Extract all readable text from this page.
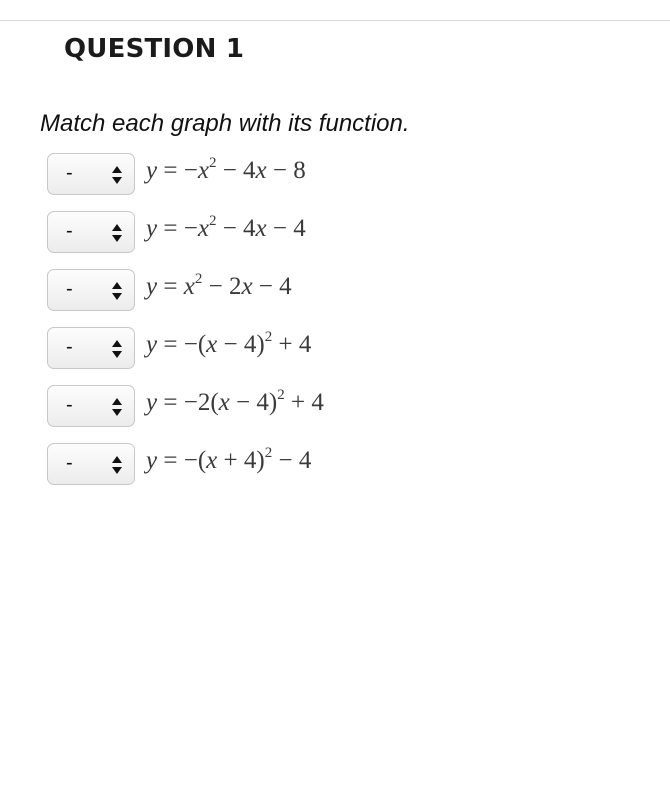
QUESTION 1

Match each graph with its function.

-	$y = -x^2 - 4x - 8$
-	$y = -x^2 - 4x - 4$
-	$y = x^2 - 2x - 4$
-	$y = -(x - 4)^2 + 4$
-	$y = -2(x - 4)^2 + 4$
-	$y = -(x + 4)^2 - 4$
